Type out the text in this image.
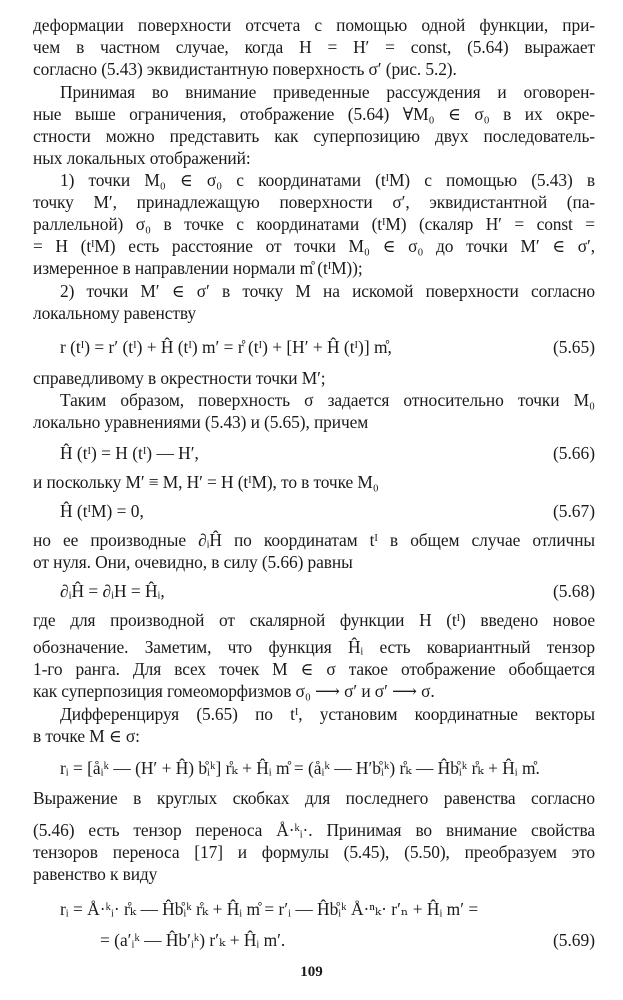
деформации поверхности отсчета с помощью одной функции, при-
чем в частном случае, когда H = H′ = const, (5.64) выражает
согласно (5.43) эквидистантную поверхность σ′ (рис. 5.2).
Принимая во внимание приведенные рассуждения и оговорен-
ные выше ограничения, отображение (5.64) ∀M₀ ∈ σ₀ в их окре-
стности можно представить как суперпозицию двух последователь-
ных локальных отображений:
1) точки M₀ ∈ σ₀ с координатами (tᴵM) с помощью (5.43) в
точку M′, принадлежащую поверхности σ′, эквидистантной (па-
раллельной) σ₀ в точке с координатами (tᴵM) (скаляр H′ = const =
= H (tᴵM) есть расстояние от точки M₀ ∈ σ₀ до точки M′ ∈ σ′,
измеренное в направлении нормали m̊ (tᴵM));
2) точки M′ ∈ σ′ в точку M на искомой поверхности согласно
локальному равенству
справедливому в окрестности точки M′;
Таким образом, поверхность σ задается относительно точки M₀
локально уравнениями (5.43) и (5.65), причем
и поскольку M′ ≡ M, H′ = H (tᴵM), то в точке M₀
но ее производные ∂ᵢĤ по координатам tᴵ в общем случае отличны
от нуля. Они, очевидно, в силу (5.66) равны
где для производной от скалярной функции H (tᴵ) введено новое
обозначение. Заметим, что функция Ĥᵢ есть ковариантный тензор
1-го ранга. Для всех точек M ∈ σ такое отображение обобщается
как суперпозиция гомеоморфизмов σ₀ ⟶ σ′ и σ′ ⟶ σ.
Дифференцируя (5.65) по tᴵ, установим координатные векторы
в точке M ∈ σ:
Выражение в круглых скобках для последнего равенства согласно
(5.46) есть тензор переноса Å·ᵏᵢ·. Принимая во внимание свойства
тензоров переноса [17] и формулы (5.45), (5.50), преобразуем это
равенство к виду
r (tᴵ) = r′ (tᴵ) + Ĥ (tᴵ) m′ = r̊ (tᴵ) + [H′ + Ĥ (tᴵ)] m̊,	(5.65)
Ĥ (tᴵ) = H (tᴵ) — H′,	(5.66)
Ĥ (tᴵM) = 0,	(5.67)
∂ᵢĤ = ∂ᵢH = Ĥᵢ,	(5.68)
rᵢ = [åᵢᵏ — (H′ + Ĥ) b̊ᵢᵏ] r̊ₖ + Ĥᵢ m̊ = (åᵢᵏ — H′b̊ᵢᵏ) r̊ₖ — Ĥb̊ᵢᵏ r̊ₖ + Ĥᵢ m̊.
rᵢ = Å·ᵏᵢ· r̊ₖ — Ĥb̊ᵢᵏ r̊ₖ + Ĥᵢ m̊ = r′ᵢ — Ĥb̊ᵢᵏ Å·ⁿₖ· r′ₙ + Ĥᵢ m′ =
= (a′ᵢᵏ — Ĥb′ᵢᵏ) r′ₖ + Ĥᵢ m′.	(5.69)
109
